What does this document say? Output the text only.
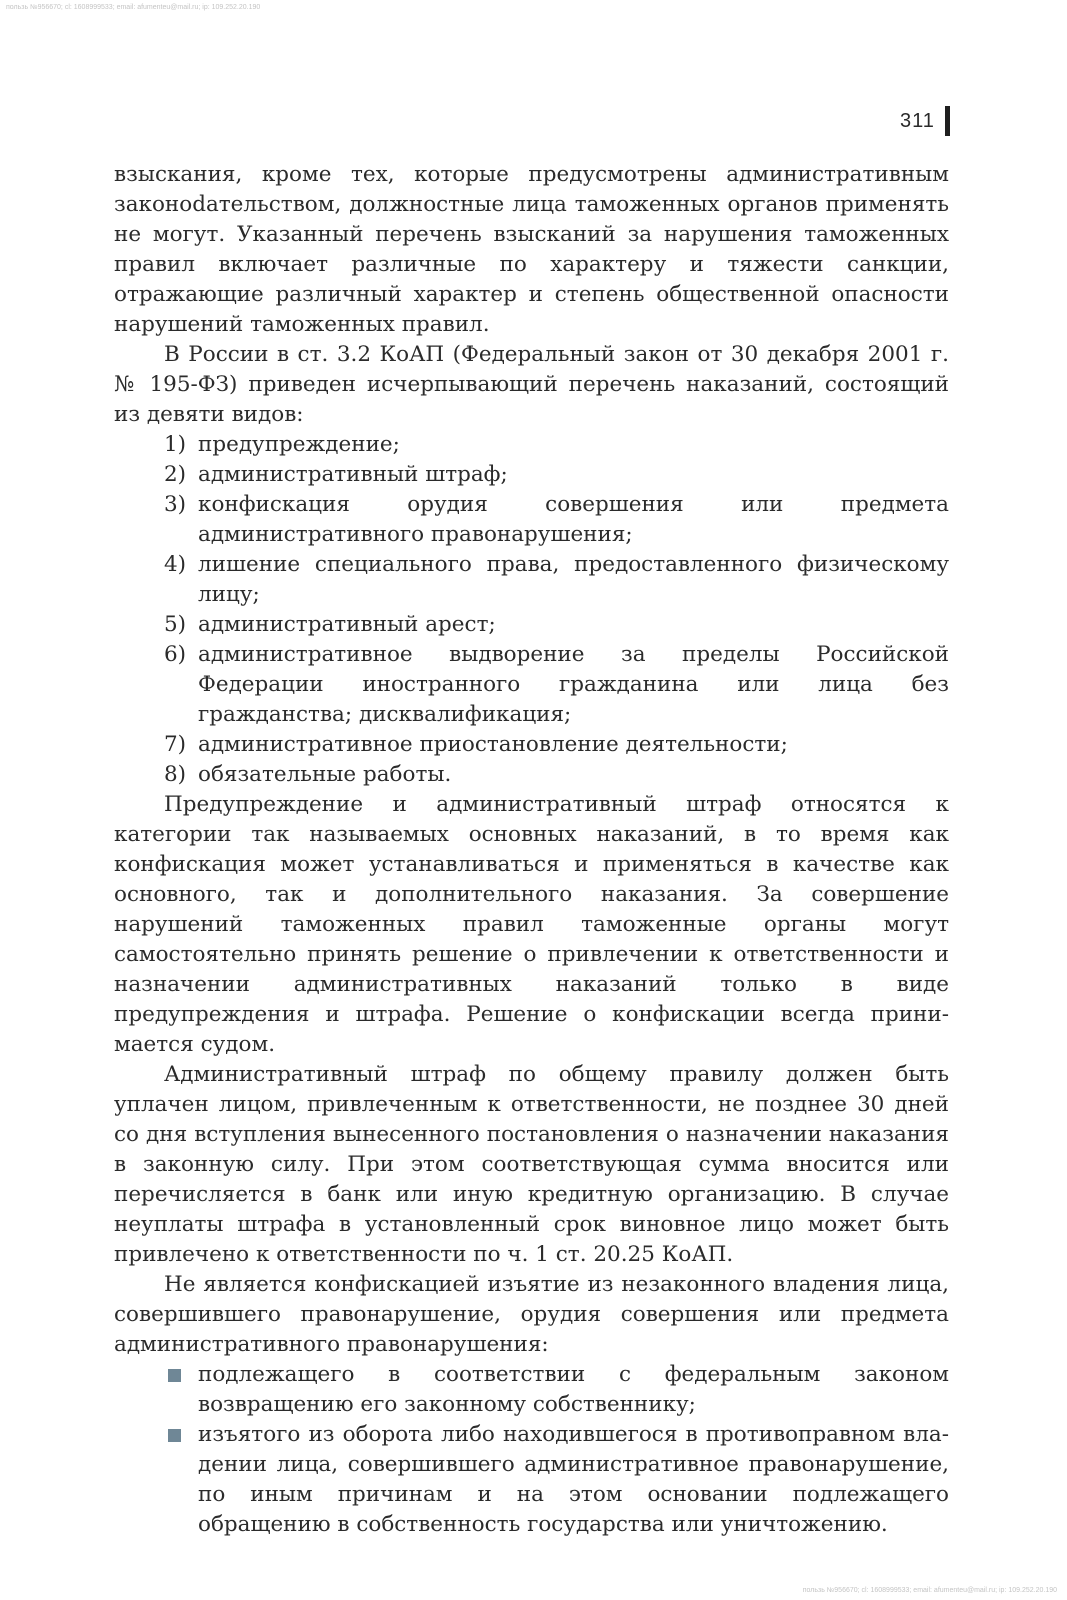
пользь №956670; cl: 1608999533; email: afumenteu@mail.ru; ip: 109.252.20.190
311

взыскания, кроме тех, которые предусмотрены административным законоdательством, должностные лица таможенных органов применять не могут. Указанный перечень взысканий за нарушения таможенных правил включает различные по характеру и тяжести санкции, отражающие различный характер и степень общественной опасности нарушений таможенных правил.

В России в ст. 3.2 КоАП (Федеральный закон от 30 декабря 2001 г. № 195-ФЗ) приведен исчерпывающий перечень наказаний, состоящий из девяти видов:

1) предупреждение;
2) административный штраф;
3) конфискация орудия совершения или предмета административного правонарушения;
4) лишение специального права, предоставленного физическому лицу;
5) административный арест;
6) административное выдворение за пределы Российской Федерации иностранного гражданина или лица без гражданства; дисквалификация;
7) административное приостановление деятельности;
8) обязательные работы.

Предупреждение и административный штраф относятся к категории так называемых основных наказаний, в то время как конфискация может устанавливаться и применяться в качестве как основного, так и дополнительного наказания. За совершение нарушений таможенных правил таможенные органы могут самостоятельно принять решение о привлечении к ответственности и назначении административных наказаний только в виде предупреждения и штрафа. Решение о конфискации всегда принимается судом.

Административный штраф по общему правилу должен быть уплачен лицом, привлеченным к ответственности, не позднее 30 дней со дня вступления вынесенного постановления о назначении наказания в законную силу. При этом соответствующая сумма вносится или перечисляется в банк или иную кредитную организацию. В случае неуплаты штрафа в установленный срок виновное лицо может быть привлечено к ответственности по ч. 1 ст. 20.25 КоАП.

Не является конфискацией изъятие из незаконного владения лица, совершившего правонарушение, орудия совершения или предмета административного правонарушения:

подлежащего в соответствии с федеральным законом возвращению его законному собственнику;
изъятого из оборота либо находившегося в противоправном владении лица, совершившего административное правонарушение, по иным причинам и на этом основании подлежащего обращению в собственность государства или уничтожению.
пользь №956670; cl: 1608999533; email: afumenteu@mail.ru; ip: 109.252.20.190
